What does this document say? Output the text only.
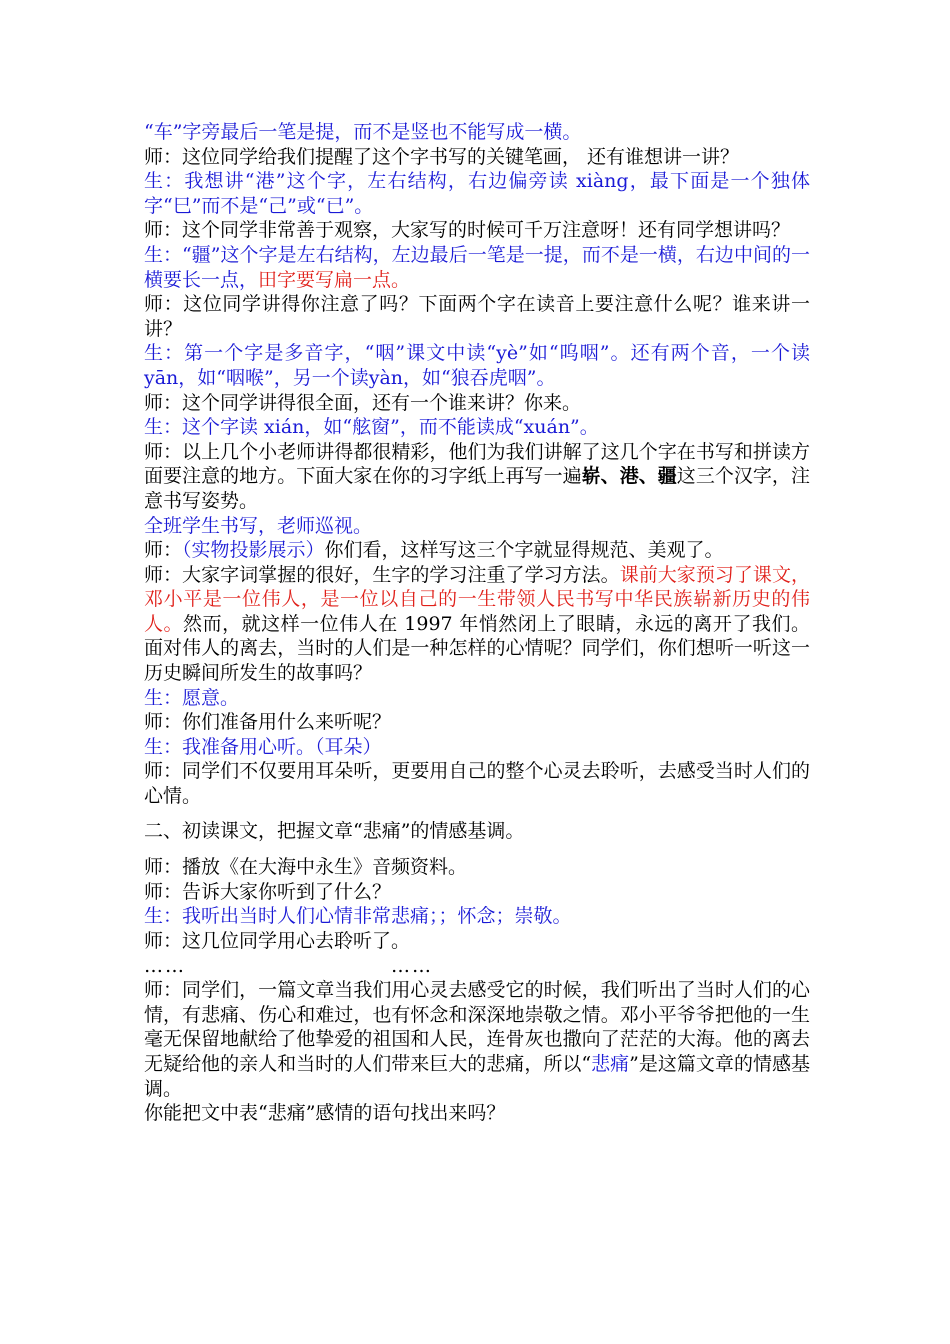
“车”字旁最后一笔是提，而不是竖也不能写成一横。

师：这位同学给我们提醒了这个字书写的关键笔画， 还有谁想讲一讲？

生：我想讲“港”这个字，左右结构，右边偏旁读 xiàng，最下面是一个独体字“巳”而不是“己”或“已”。

师：这个同学非常善于观察，大家写的时候可千万注意呀！还有同学想讲吗？

生：“疆”这个字是左右结构，左边最后一笔是一提，而不是一横，右边中间的一横要长一点，田字要写扁一点。

师：这位同学讲得你注意了吗？下面两个字在读音上要注意什么呢？谁来讲一讲？

生：第一个字是多音字，“咽”课文中读“yè”如“呜咽”。还有两个音，一个读yān，如“咽喉”，另一个读yàn，如“狼吞虎咽”。

师：这个同学讲得很全面，还有一个谁来讲？你来。

生：这个字读 xián，如“舷窗”，而不能读成“xuán”。

师：以上几个小老师讲得都很精彩，他们为我们讲解了这几个字在书写和拼读方面要注意的地方。下面大家在你的习字纸上再写一遍崭、港、疆这三个汉字，注意书写姿势。

全班学生书写，老师巡视。

师：（实物投影展示）你们看，这样写这三个字就显得规范、美观了。

师：大家字词掌握的很好，生字的学习注重了学习方法。课前大家预习了课文，邓小平是一位伟人，是一位以自己的一生带领人民书写中华民族崭新历史的伟人。然而，就这样一位伟人在 1997 年悄然闭上了眼睛，永远的离开了我们。面对伟人的离去，当时的人们是一种怎样的心情呢？同学们，你们想听一听这一历史瞬间所发生的故事吗？

生：愿意。

师：你们准备用什么来听呢？

生：我准备用心听。（耳朵）

师：同学们不仅要用耳朵听，更要用自己的整个心灵去聆听，去感受当时人们的心情。

二、初读课文，把握文章“悲痛”的情感基调。

师：播放《在大海中永生》音频资料。

师：告诉大家你听到了什么？

生：我听出当时人们心情非常悲痛；；怀念；崇敬。

师：这几位同学用心去聆听了。

……	……

师：同学们，一篇文章当我们用心灵去感受它的时候，我们听出了当时人们的心情，有悲痛、伤心和难过，也有怀念和深深地崇敬之情。邓小平爷爷把他的一生毫无保留地献给了他挚爱的祖国和人民，连骨灰也撒向了茫茫的大海。他的离去无疑给他的亲人和当时的人们带来巨大的悲痛，所以“悲痛”是这篇文章的情感基调。

你能把文中表“悲痛”感情的语句找出来吗？
